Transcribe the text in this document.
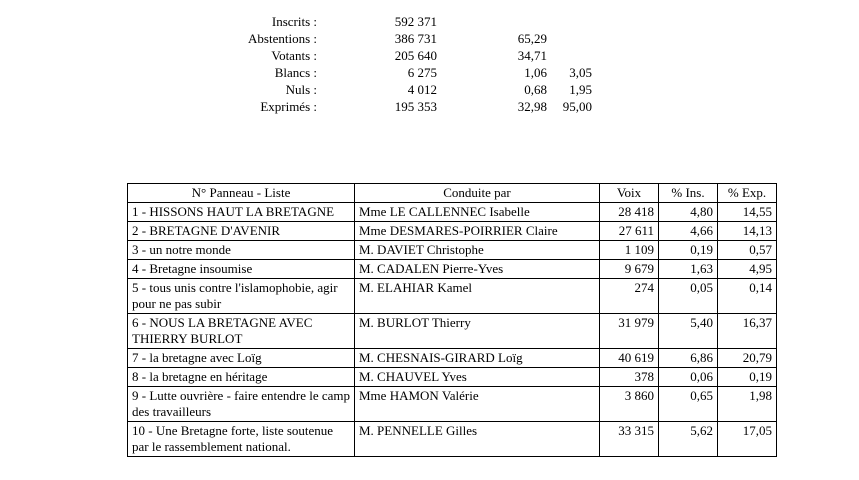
Inscrits :	592 371
Abstentions :	386 731	65,29
Votants :	205 640	34,71
Blancs :	6 275	1,06 3,05
Nuls :	4 012	0,68 1,95
Exprimés :	195 353	32,98 95,00
N° Panneau - Liste	Conduite par	Voix	% Ins.	% Exp.
1 - HISSONS HAUT LA BRETAGNE	Mme LE CALLENNEC Isabelle	28 418	4,80	14,55
2 - BRETAGNE D'AVENIR	Mme DESMARES-POIRRIER Claire	27 611	4,66	14,13
3 - un notre monde	M. DAVIET Christophe	1 109	0,19	0,57
4 - Bretagne insoumise	M. CADALEN Pierre-Yves	9 679	1,63	4,95
5 - tous unis contre l'islamophobie, agir pour ne pas subir	M. ELAHIAR Kamel	274	0,05	0,14
6 - NOUS LA BRETAGNE AVEC THIERRY BURLOT	M. BURLOT Thierry	31 979	5,40	16,37
7 - la bretagne avec Loïg	M. CHESNAIS-GIRARD Loïg	40 619	6,86	20,79
8 - la bretagne en héritage	M. CHAUVEL Yves	378	0,06	0,19
9 - Lutte ouvrière - faire entendre le camp des travailleurs	Mme HAMON Valérie	3 860	0,65	1,98
10 - Une Bretagne forte, liste soutenue par le rassemblement national.	M. PENNELLE Gilles	33 315	5,62	17,05
